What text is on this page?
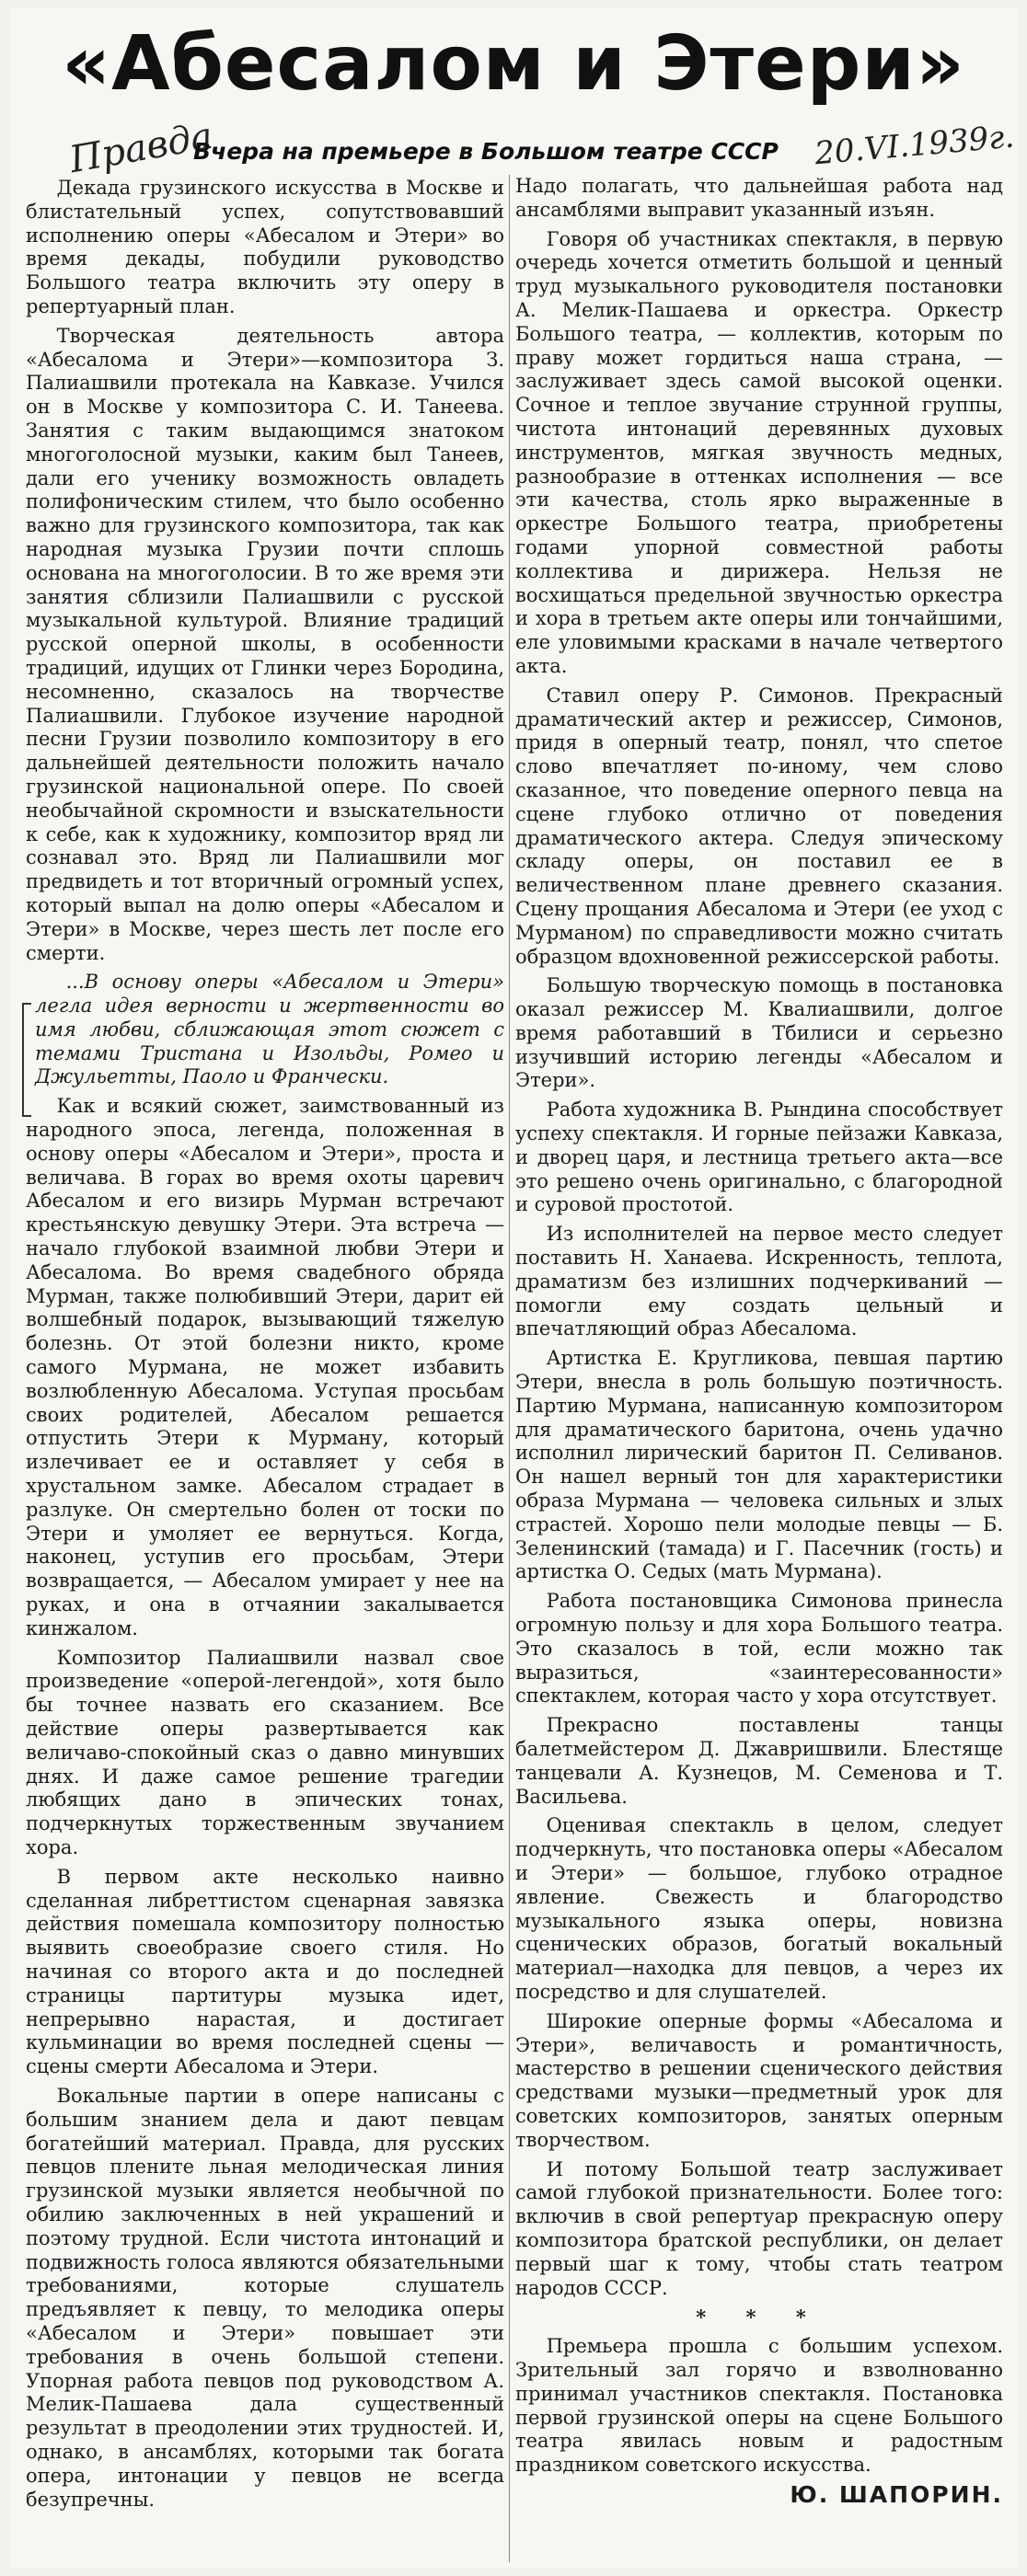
«Абесалом и Этери»
Правда
Вчера на премьере в Большом театре СССР 20.VI.1939г.

Декада грузинского искусства в Москве и блистательный успех, сопутствовавший исполнению оперы «Абесалом и Этери» во время декады, побудили руководство Большого театра включить эту оперу в репертуарный план.

Творческая деятельность автора «Абесалома и Этери»—композитора З. Палиашвили протекала на Кавказе. Учился он в Москве у композитора С. И. Танеева. Занятия с таким выдающимся знатоком многоголосной музыки, каким был Танеев, дали его ученику возможность овладеть полифоническим стилем, что было особенно важно для грузинского композитора, так как народная музыка Грузии почти сплошь основана на многоголосии. В то же время эти занятия сблизили Палиашвили с русской музыкальной культурой. Влияние традиций русской оперной школы, в особенности традиций, идущих от Глинки через Бородина, несомненно, сказалось на творчестве Палиашвили. Глубокое изучение народной песни Грузии позволило композитору в его дальнейшей деятельности положить начало грузинской национальной опере. По своей необычайной скромности и взыскательности к себе, как к художнику, композитор вряд ли сознавал это. Вряд ли Палиашвили мог предвидеть и тот вторичный огромный успех, который выпал на долю оперы «Абесалом и Этери» в Москве, через шесть лет после его смерти.

...В основу оперы «Абесалом и Этери» легла идея верности и жертвенности во имя любви, сближающая этот сюжет с темами Тристана и Изольды, Ромео и Джульетты, Паоло и Франчески.

Как и всякий сюжет, заимствованный из народного эпоса, легенда, положенная в основу оперы «Абесалом и Этери», проста и величава. В горах во время охоты царевич Абесалом и его визирь Мурман встречают крестьянскую девушку Этери. Эта встреча — начало глубокой взаимной любви Этери и Абесалома. Во время свадебного обряда Мурман, также полюбивший Этери, дарит ей волшебный подарок, вызывающий тяжелую болезнь. От этой болезни никто, кроме самого Мурмана, не может избавить возлюбленную Абесалома. Уступая просьбам своих родителей, Абесалом решается отпустить Этери к Мурману, который излечивает ее и оставляет у себя в хрустальном замке. Абесалом страдает в разлуке. Он смертельно болен от тоски по Этери и умоляет ее вернуться. Когда, наконец, уступив его просьбам, Этери возвращается, — Абесалом умирает у нее на руках, и она в отчаянии закалывается кинжалом.

Композитор Палиашвили назвал свое произведение «оперой-легендой», хотя было бы точнее назвать его сказанием. Все действие оперы развертывается как величаво-спокойный сказ о давно минувших днях. И даже самое решение трагедии любящих дано в эпических тонах, подчеркнутых торжественным звучанием хора.

В первом акте несколько наивно сделанная либреттистом сценарная завязка действия помешала композитору полностью выявить своеобразие своего стиля. Но начиная со второго акта и до последней страницы партитуры музыка идет, непрерывно нарастая, и достигает кульминации во время последней сцены — сцены смерти Абесалома и Этери.

Вокальные партии в опере написаны с большим знанием дела и дают певцам богатейший материал. Правда, для русских певцов плените льная мелодическая линия грузинской музыки является необычной по обилию заключенных в ней украшений и поэтому трудной. Если чистота интонаций и подвижность голоса являются обязательными требованиями, которые слушатель предъявляет к певцу, то мелодика оперы «Абесалом и Этери» повышает эти требования в очень большой степени. Упорная работа певцов под руководством А. Мелик-Пашаева дала существенный результат в преодолении этих трудностей. И, однако, в ансамблях, которыми так богата опера, интонации у певцов не всегда безупречны.

Надо полагать, что дальнейшая работа над ансамблями выправит указанный изъян.

Говоря об участниках спектакля, в первую очередь хочется отметить большой и ценный труд музыкального руководителя постановки А. Мелик-Пашаева и оркестра. Оркестр Большого театра, — коллектив, которым по праву может гордиться наша страна, — заслуживает здесь самой высокой оценки. Сочное и теплое звучание струнной группы, чистота интонаций деревянных духовых инструментов, мягкая звучность медных, разнообразие в оттенках исполнения — все эти качества, столь ярко выраженные в оркестре Большого театра, приобретены годами упорной совместной работы коллектива и дирижера. Нельзя не восхищаться предельной звучностью оркестра и хора в третьем акте оперы или тончайшими, еле уловимыми красками в начале четвертого акта.

Ставил оперу Р. Симонов. Прекрасный драматический актер и режиссер, Симонов, придя в оперный театр, понял, что спетое слово впечатляет по-иному, чем слово сказанное, что поведение оперного певца на сцене глубоко отлично от поведения драматического актера. Следуя эпическому складу оперы, он поставил ее в величественном плане древнего сказания. Сцену прощания Абесалома и Этери (ее уход с Мурманом) по справедливости можно считать образцом вдохновенной режиссерской работы.

Большую творческую помощь в постановка оказал режиссер М. Квалиашвили, долгое время работавший в Тбилиси и серьезно изучивший историю легенды «Абесалом и Этери».

Работа художника В. Рындина способствует успеху спектакля. И горные пейзажи Кавказа, и дворец царя, и лестница третьего акта—все это решено очень оригинально, с благородной и суровой простотой.

Из исполнителей на первое место следует поставить Н. Ханаева. Искренность, теплота, драматизм без излишних подчеркиваний — помогли ему создать цельный и впечатляющий образ Абесалома.

Артистка Е. Кругликова, певшая партию Этери, внесла в роль большую поэтичность. Партию Мурмана, написанную композитором для драматического баритона, очень удачно исполнил лирический баритон П. Селиванов. Он нашел верный тон для характеристики образа Мурмана — человека сильных и злых страстей. Хорошо пели молодые певцы — Б. Зеленинский (тамада) и Г. Пасечник (гость) и артистка О. Седых (мать Мурмана).

Работа постановщика Симонова принесла огромную пользу и для хора Большого театра. Это сказалось в той, если можно так выразиться, «заинтересованности» спектаклем, которая часто у хора отсутствует.

Прекрасно поставлены танцы балетмейстером Д. Джавришвили. Блестяще танцевали А. Кузнецов, М. Семенова и Т. Васильева.

Оценивая спектакль в целом, следует подчеркнуть, что постановка оперы «Абесалом и Этери» — большое, глубоко отрадное явление. Свежесть и благородство музыкального языка оперы, новизна сценических образов, богатый вокальный материал—находка для певцов, а через их посредство и для слушателей.

Широкие оперные формы «Абесалома и Этери», величавость и романтичность, мастерство в решении сценического действия средствами музыки—предметный урок для советских композиторов, занятых оперным творчеством.

И потому Большой театр заслуживает самой глубокой признательности. Более того: включив в свой репертуар прекрасную оперу композитора братской республики, он делает первый шаг к тому, чтобы стать театром народов СССР.

* * *

Премьера прошла с большим успехом. Зрительный зал горячо и взволнованно принимал участников спектакля. Постановка первой грузинской оперы на сцене Большого театра явилась новым и радостным праздником советского искусства.

Ю. ШАПОРИН.
